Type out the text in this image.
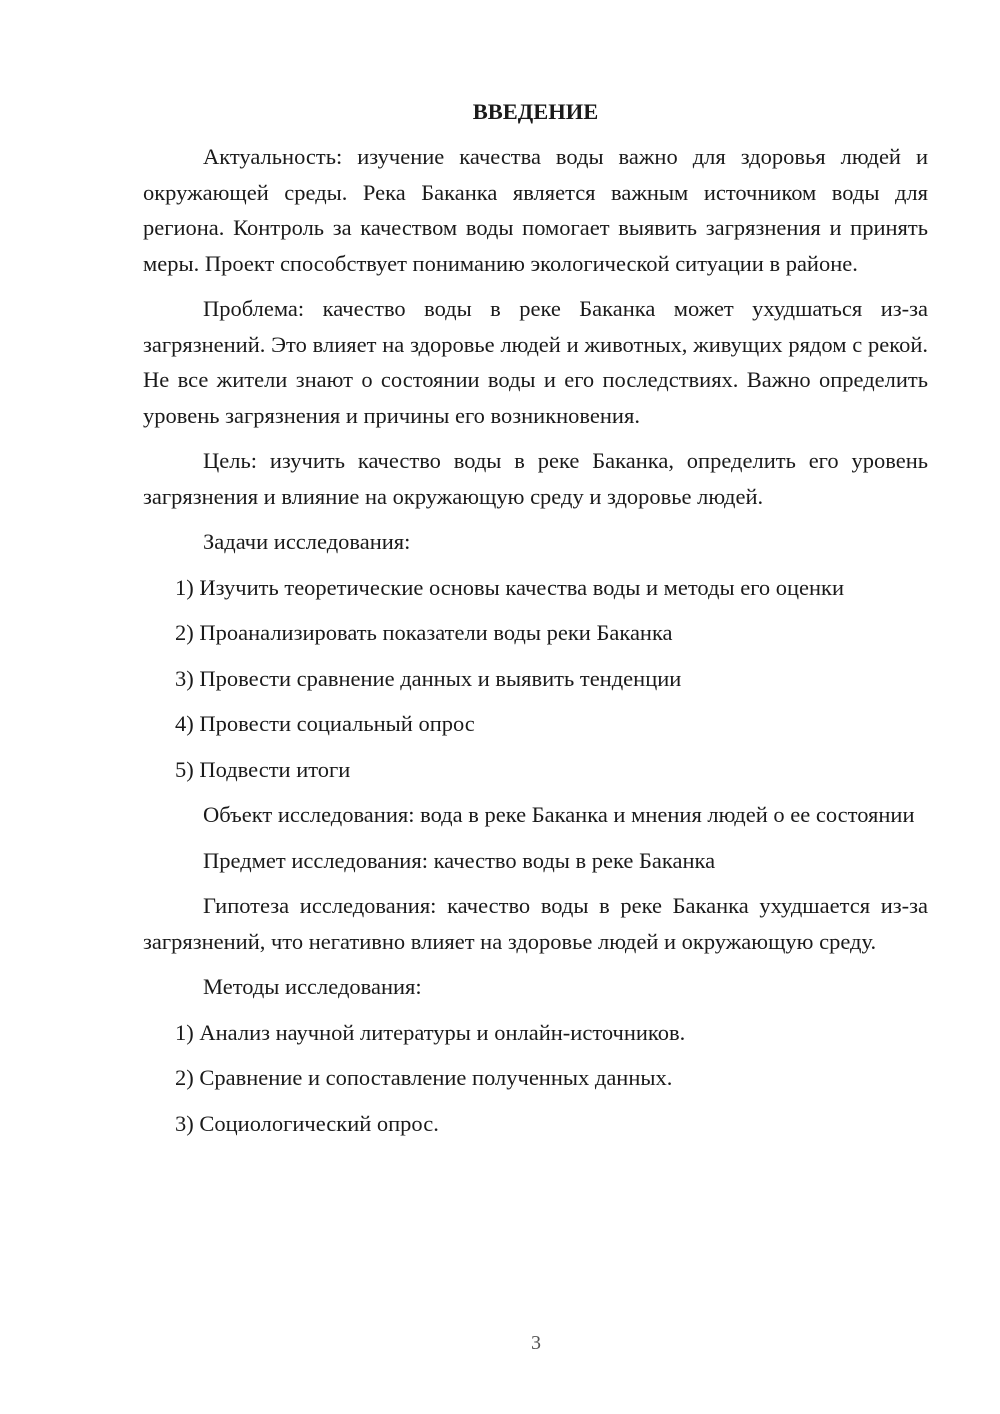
ВВЕДЕНИЕ

Актуальность: изучение качества воды важно для здоровья людей и окружающей среды. Река Баканка является важным источником воды для региона. Контроль за качеством воды помогает выявить загрязнения и принять меры. Проект способствует пониманию экологической ситуации в районе.

Проблема: качество воды в реке Баканка может ухудшаться из-за загрязнений. Это влияет на здоровье людей и животных, живущих рядом с рекой. Не все жители знают о состоянии воды и его последствиях. Важно определить уровень загрязнения и причины его возникновения.

Цель: изучить качество воды в реке Баканка, определить его уровень загрязнения и влияние на окружающую среду и здоровье людей.

Задачи исследования:

1) Изучить теоретические основы качества воды и методы его оценки
2) Проанализировать показатели воды реки Баканка
3) Провести сравнение данных и выявить тенденции
4) Провести социальный опрос
5) Подвести итоги

Объект исследования: вода в реке Баканка и мнения людей о ее состоянии

Предмет исследования: качество воды в реке Баканка

Гипотеза исследования: качество воды в реке Баканка ухудшается из-за загрязнений, что негативно влияет на здоровье людей и окружающую среду.

Методы исследования:

1) Анализ научной литературы и онлайн-источников.
2) Сравнение и сопоставление полученных данных.
3) Социологический опрос.
3
